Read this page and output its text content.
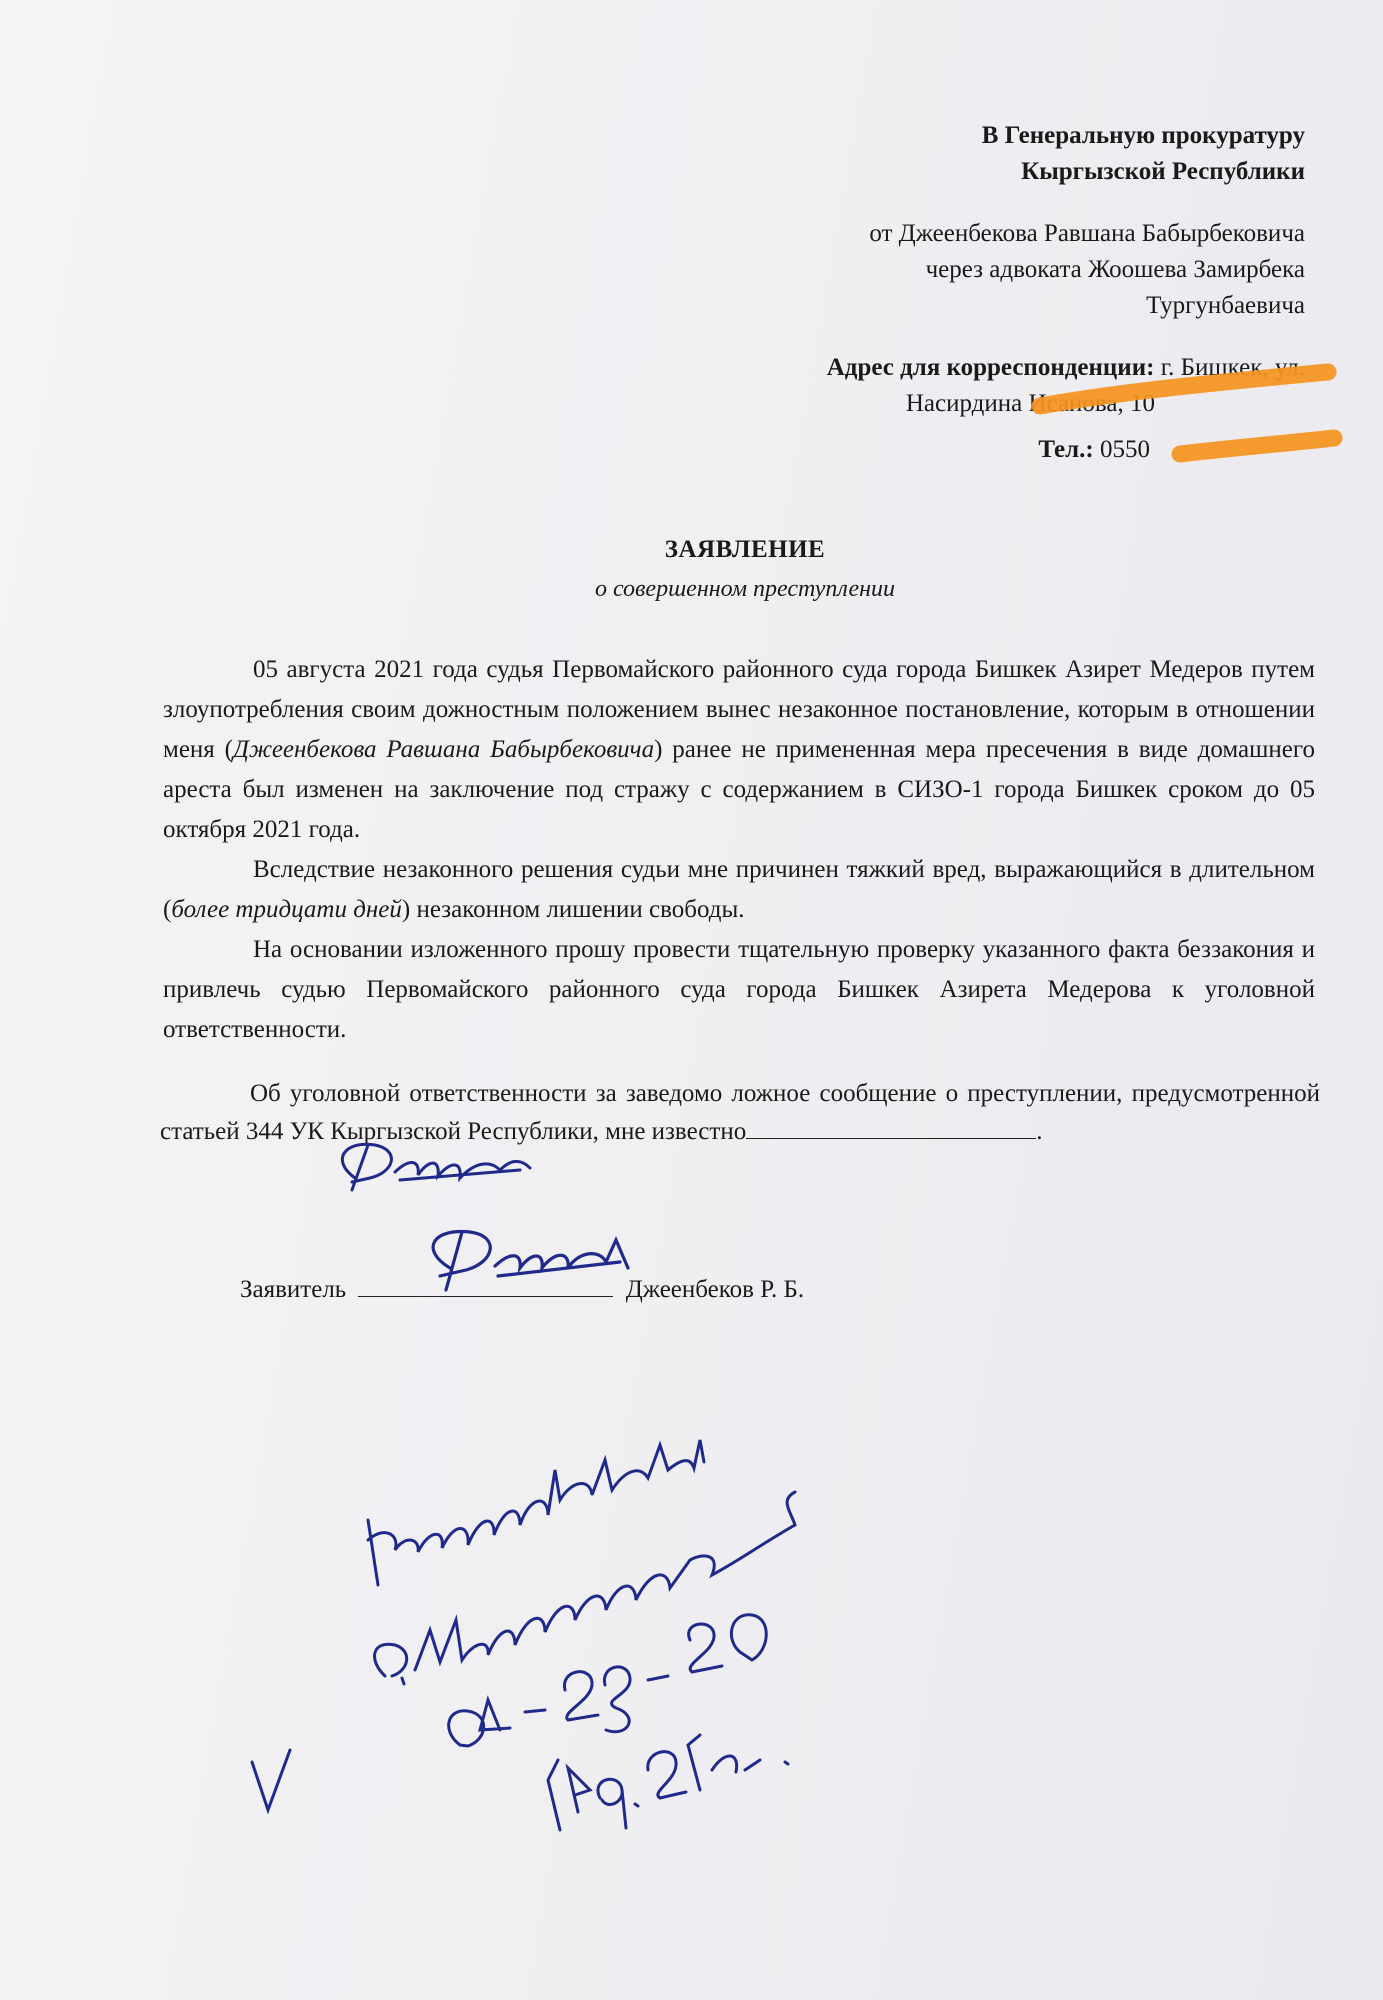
В Генеральную прокуратуру
Кыргызской Республики
от Джеенбекова Равшана Бабырбековича
через адвоката Жоошева Замирбека
Тургунбаевича
Адрес для корреспонденции: г. Бишкек, ул.
Насирдина Исанова, 10
Тел.: 0550
ЗАЯВЛЕНИЕ
о совершенном преступлении

05 августа 2021 года судья Первомайского районного суда города Бишкек Азирет Медеров путем злоупотребления своим дожностным положением вынес незаконное постановление, которым в отношении меня (Джеенбекова Равшана Бабырбековича) ранее не примененная мера пресечения в виде домашнего ареста был изменен на заключение под стражу с содержанием в СИЗО-1 города Бишкек сроком до 05 октября 2021 года.

Вследствие незаконного решения судьи мне причинен тяжкий вред, выражающийся в длительном (более тридцати дней) незаконном лишении свободы.

На основании изложенного прошу провести тщательную проверку указанного факта беззакония и привлечь судью Первомайского районного суда города Бишкек Азирета Медерова к уголовной ответственности.

Об уголовной ответственности за заведомо ложное сообщение о преступлении, предусмотренной статьей 344 УК Кыргызской Республики, мне известно	.

Заявитель	Джеенбеков Р. Б.
